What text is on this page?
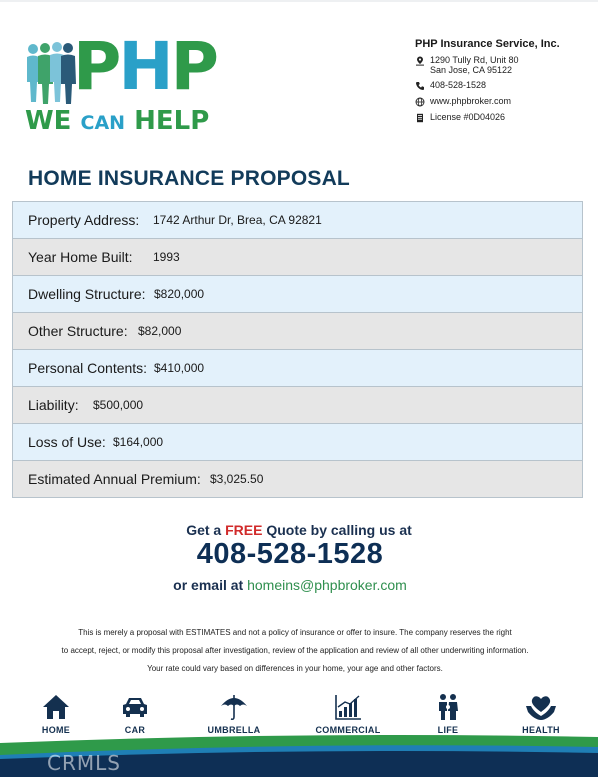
PHP
WE CAN HELP
PHP Insurance Service, Inc.
1290 Tully Rd, Unit 80
San Jose, CA 95122
408-528-1528
www.phpbroker.com
License #0D04026
HOME INSURANCE PROPOSAL
Property Address: 1742 Arthur Dr, Brea, CA 92821
Year Home Built: 1993
Dwelling Structure: $820,000
Other Structure: $82,000
Personal Contents: $410,000
Liability: $500,000
Loss of Use: $164,000
Estimated Annual Premium: $3,025.50
Get a FREE Quote by calling us at
408-528-1528
or email at homeins@phpbroker.com
This is merely a proposal with ESTIMATES and not a policy of insurance or offer to insure. The company reserves the right
to accept, reject, or modify this proposal after investigation, review of the application and review of all other underwriting information.
Your rate could vary based on differences in your home, your age and other factors.
HOME	CAR	UMBRELLA	COMMERCIAL	LIFE	HEALTH
CRMLS
